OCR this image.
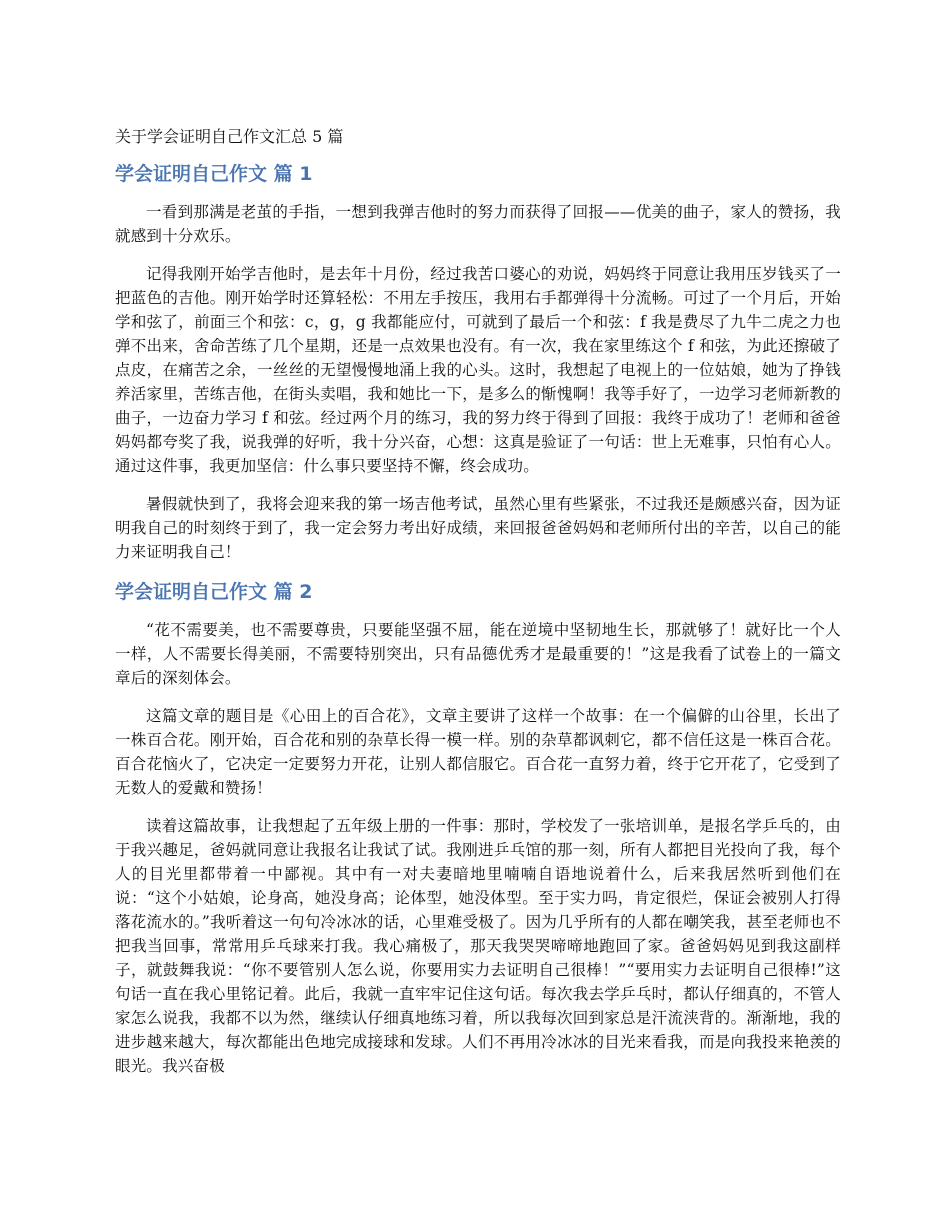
关于学会证明自己作文汇总 5 篇
学会证明自己作文 篇 1

一看到那满是老茧的手指，一想到我弹吉他时的努力而获得了回报——优美的曲子，家人的赞扬，我就感到十分欢乐。

记得我刚开始学吉他时，是去年十月份，经过我苦口婆心的劝说，妈妈终于同意让我用压岁钱买了一把蓝色的吉他。刚开始学时还算轻松：不用左手按压，我用右手都弹得十分流畅。可过了一个月后，开始学和弦了，前面三个和弦：c，g，g 我都能应付，可就到了最后一个和弦：f 我是费尽了九牛二虎之力也弹不出来，舍命苦练了几个星期，还是一点效果也没有。有一次，我在家里练这个 f 和弦，为此还擦破了点皮，在痛苦之余，一丝丝的无望慢慢地涌上我的心头。这时，我想起了电视上的一位姑娘，她为了挣钱养活家里，苦练吉他，在街头卖唱，我和她比一下，是多么的惭愧啊！我等手好了，一边学习老师新教的曲子，一边奋力学习 f 和弦。经过两个月的练习，我的努力终于得到了回报：我终于成功了！老师和爸爸妈妈都夸奖了我，说我弹的好听，我十分兴奋，心想：这真是验证了一句话：世上无难事，只怕有心人。通过这件事，我更加坚信：什么事只要坚持不懈，终会成功。

暑假就快到了，我将会迎来我的第一场吉他考试，虽然心里有些紧张，不过我还是颇感兴奋，因为证明我自己的时刻终于到了，我一定会努力考出好成绩，来回报爸爸妈妈和老师所付出的辛苦，以自己的能力来证明我自己！

学会证明自己作文 篇 2

“花不需要美，也不需要尊贵，只要能坚强不屈，能在逆境中坚韧地生长，那就够了！就好比一个人一样，人不需要长得美丽，不需要特别突出，只有品德优秀才是最重要的！”这是我看了试卷上的一篇文章后的深刻体会。

这篇文章的题目是《心田上的百合花》，文章主要讲了这样一个故事：在一个偏僻的山谷里，长出了一株百合花。刚开始，百合花和别的杂草长得一模一样。别的杂草都讽刺它，都不信任这是一株百合花。百合花恼火了，它决定一定要努力开花，让别人都信服它。百合花一直努力着，终于它开花了，它受到了无数人的爱戴和赞扬！

读着这篇故事，让我想起了五年级上册的一件事：那时，学校发了一张培训单，是报名学乒乓的，由于我兴趣足，爸妈就同意让我报名让我试了试。我刚进乒乓馆的那一刻，所有人都把目光投向了我，每个人的目光里都带着一中鄙视。其中有一对夫妻暗地里喃喃自语地说着什么，后来我居然听到他们在说：“这个小姑娘，论身高，她没身高；论体型，她没体型。至于实力吗，肯定很烂，保证会被别人打得落花流水的。”我听着这一句句冷冰冰的话，心里难受极了。因为几乎所有的人都在嘲笑我，甚至老师也不把我当回事，常常用乒乓球来打我。我心痛极了，那天我哭哭啼啼地跑回了家。爸爸妈妈见到我这副样子，就鼓舞我说：“你不要管别人怎么说，你要用实力去证明自己很棒！”“要用实力去证明自己很棒!”这句话一直在我心里铭记着。此后，我就一直牢牢记住这句话。每次我去学乒乓时，都认仔细真的，不管人家怎么说我，我都不以为然，继续认仔细真地练习着，所以我每次回到家总是汗流浃背的。渐渐地，我的进步越来越大，每次都能出色地完成接球和发球。人们不再用冷冰冰的目光来看我，而是向我投来艳羡的眼光。我兴奋极
